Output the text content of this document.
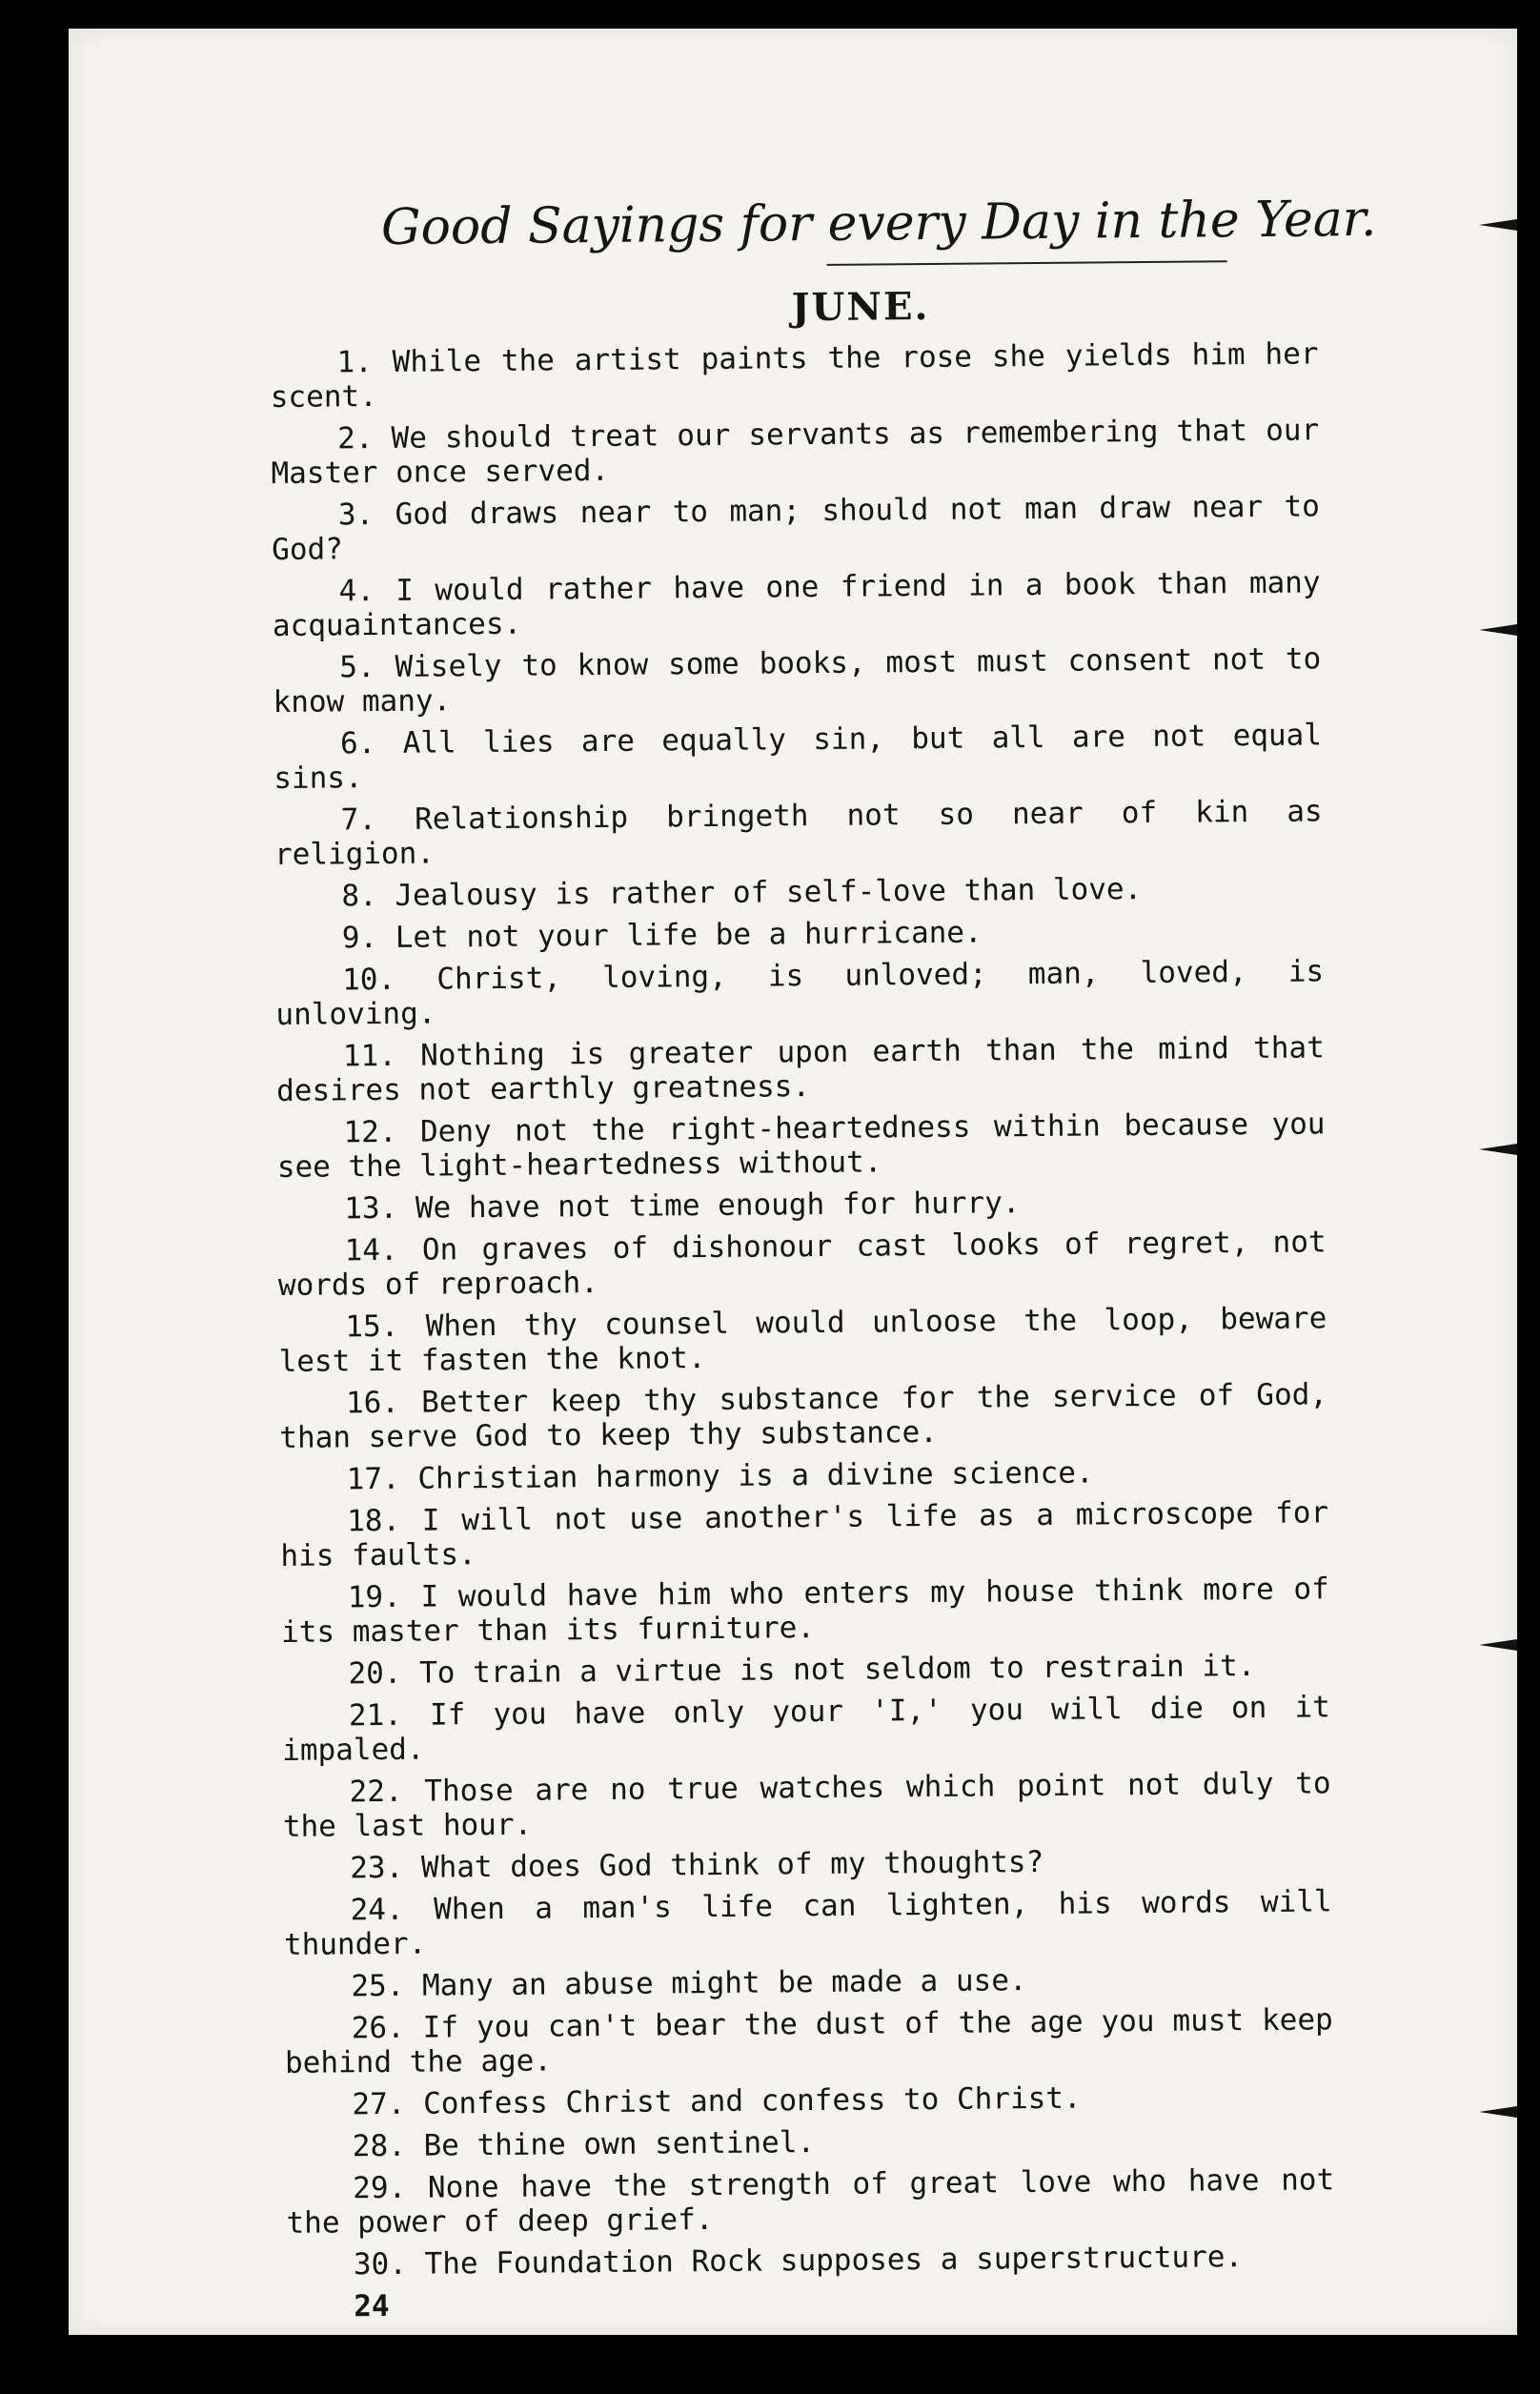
Good Sayings for every Day in the Year.
JUNE.
1. While the artist paints the rose she yields him her scent.
2. We should treat our servants as remembering that our Master once served.
3. God draws near to man; should not man draw near to God?
4. I would rather have one friend in a book than many acquaintances.
5. Wisely to know some books, most must consent not to know many.
6. All lies are equally sin, but all are not equal sins.
7. Relationship bringeth not so near of kin as religion.
8. Jealousy is rather of self-love than love.
9. Let not your life be a hurricane.
10. Christ, loving, is unloved; man, loved, is unloving.
11. Nothing is greater upon earth than the mind that desires not earthly greatness.
12. Deny not the right-heartedness within because you see the light-heartedness without.
13. We have not time enough for hurry.
14. On graves of dishonour cast looks of regret, not words of reproach.
15. When thy counsel would unloose the loop, beware lest it fasten the knot.
16. Better keep thy substance for the service of God, than serve God to keep thy substance.
17. Christian harmony is a divine science.
18. I will not use another's life as a microscope for his faults.
19. I would have him who enters my house think more of its master than its furniture.
20. To train a virtue is not seldom to restrain it.
21. If you have only your 'I,' you will die on it impaled.
22. Those are no true watches which point not duly to the last hour.
23. What does God think of my thoughts?
24. When a man's life can lighten, his words will thunder.
25. Many an abuse might be made a use.
26. If you can't bear the dust of the age you must keep behind the age.
27. Confess Christ and confess to Christ.
28. Be thine own sentinel.
29. None have the strength of great love who have not the power of deep grief.
30. The Foundation Rock supposes a superstructure.
24
